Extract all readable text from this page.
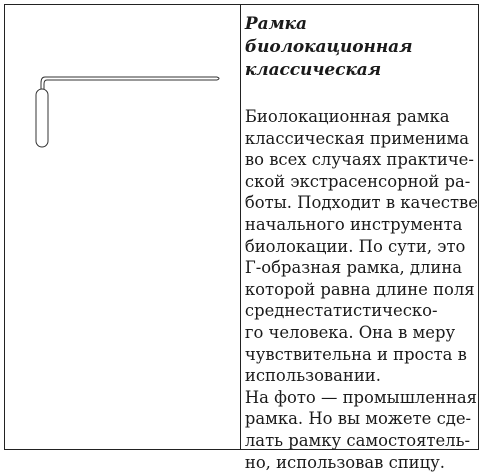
Рамка биолокационная
классическая

Биолокационная рамка
классическая применима
во всех случаях практиче-
ской экстрасенсорной ра-
боты. Подходит в качестве
начального инструмента
биолокации. По сути, это
Г-образная рамка, длина
которой равна длине поля
среднестатистическо-
го человека. Она в меру
чувствительна и проста в
использовании.
На фото — промышленная
рамка. Но вы можете сде-
лать рамку самостоятель-
но, использовав спицу.
